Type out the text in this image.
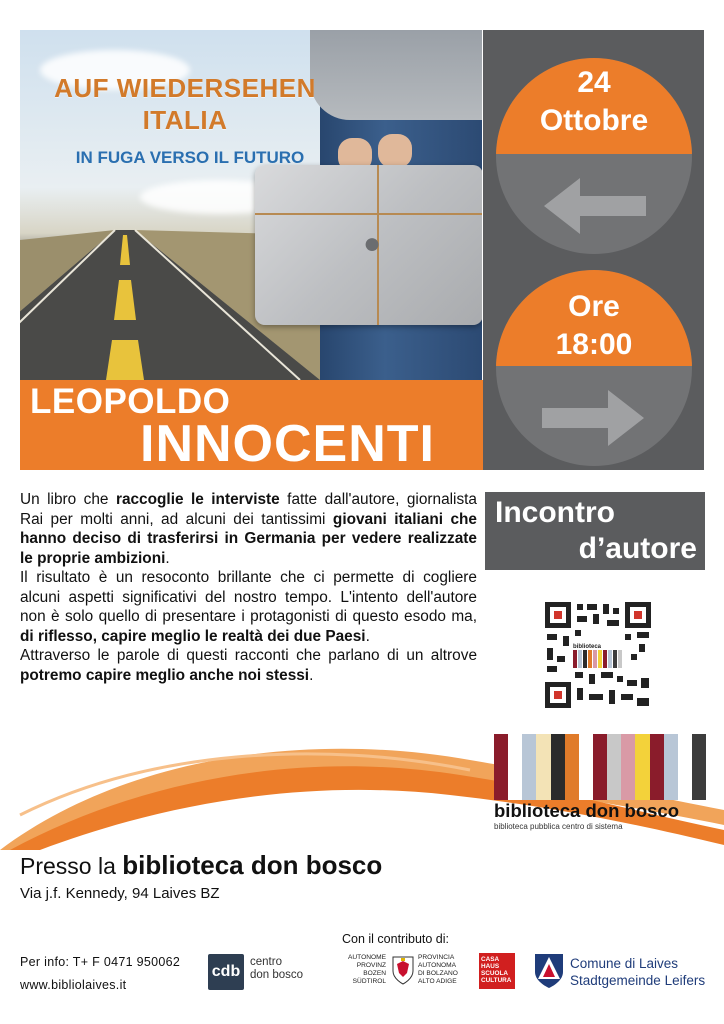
●
AUF WIEDERSEHEN
ITALIA
IN FUGA VERSO IL FUTURO
24
Ottobre
Ore
18:00
LEOPOLDO
INNOCENTI

Un libro che raccoglie le interviste fatte dall'autore, giornalista Rai per molti anni, ad alcuni dei tantissimi giovani italiani che hanno deciso di trasferirsi in Germania per vedere realizzate le proprie ambizioni.

Il risultato è un resoconto brillante che ci permette di cogliere alcuni aspetti significativi del nostro tempo. L'intento dell'autore non è solo quello di presentare i protagonisti di questo esodo ma, di riflesso, capire meglio le realtà dei due Paesi.

Attraverso le parole di questi racconti che parlano di un altrove potremo capire meglio anche noi stessi.

Incontro
d’autore
biblioteca
biblioteca don bosco
biblioteca pubblica centro di sistema
Presso la biblioteca don bosco
Via j.f. Kennedy, 94 Laives BZ
Con il contributo di:
Per info: T+ F 0471 950062
www.bibliolaives.it
cdb
centro
don bosco
AUTONOME
PROVINZ
BOZEN
SÜDTIROL
PROVINCIA
AUTONOMA
DI BOLZANO
ALTO ADIGE
CASA
HAUS
SCUOLA
CULTURA
Comune di Laives
Stadtgemeinde Leifers
